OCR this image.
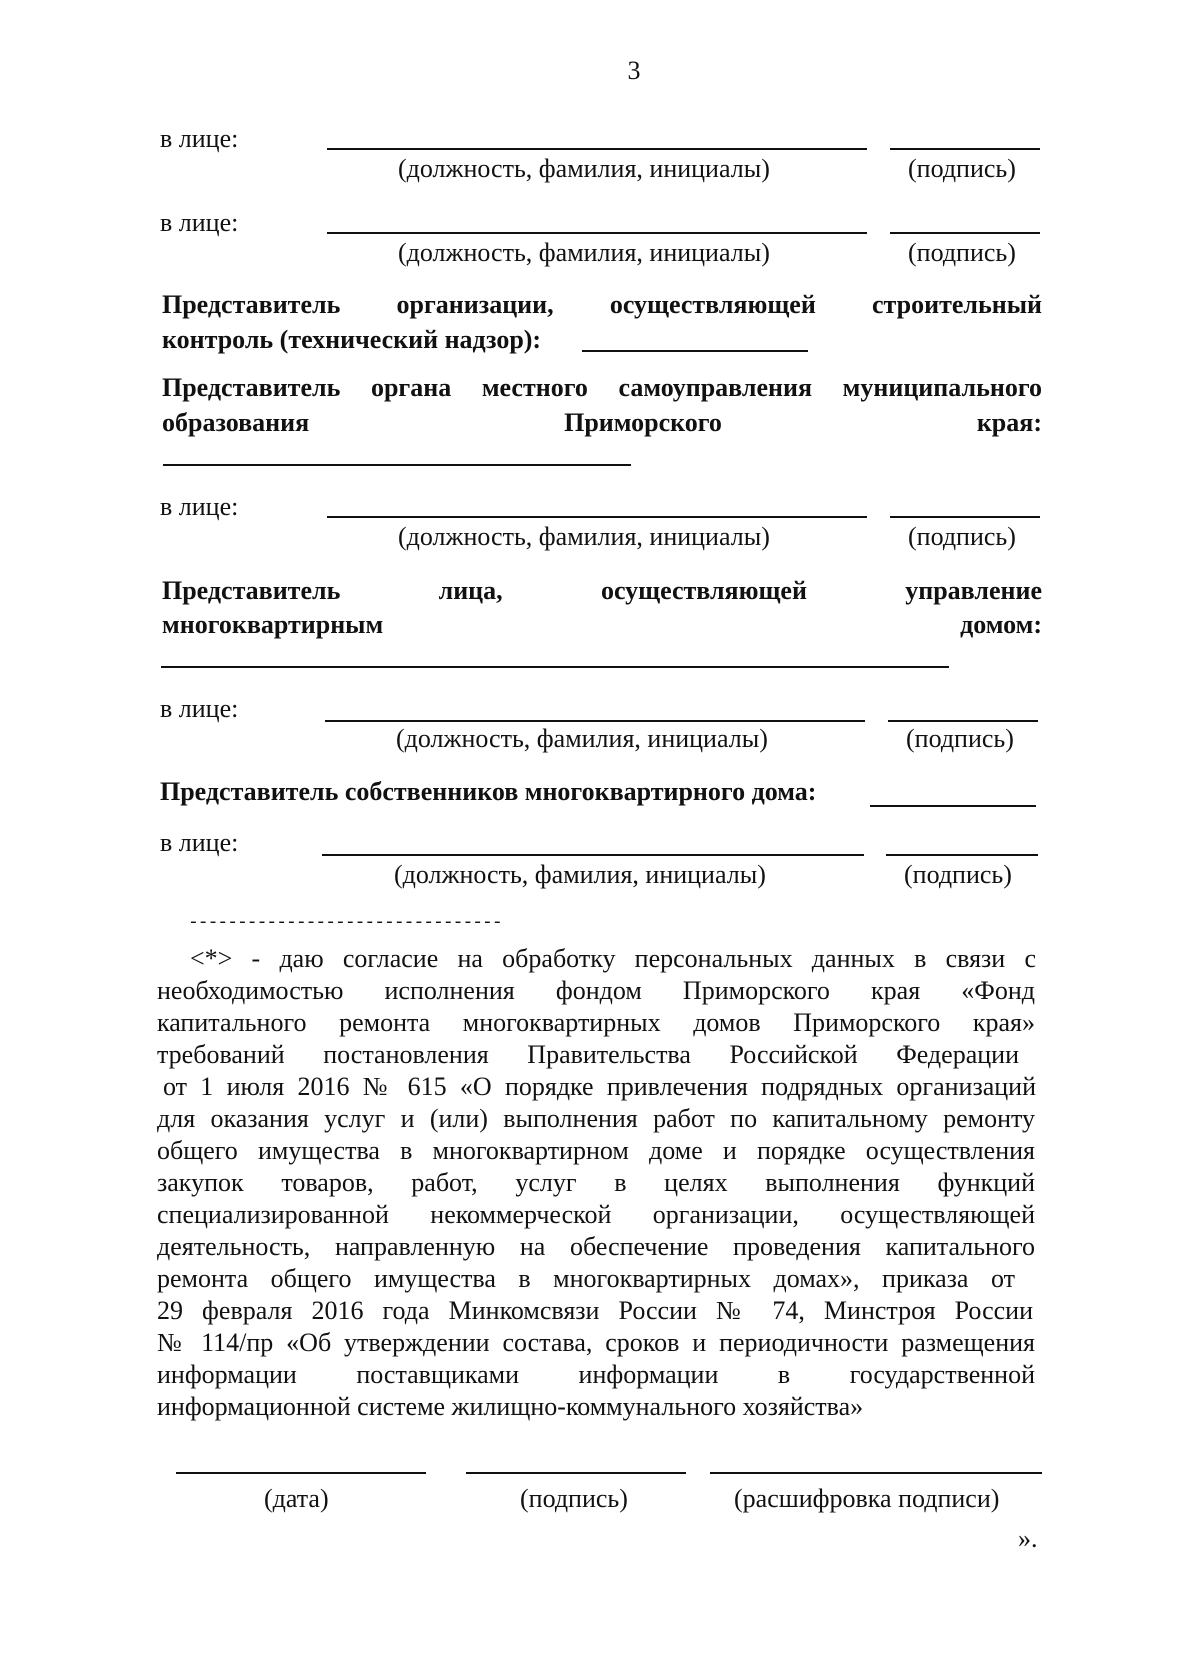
3
в лице:
(должность, фамилия, инициалы)	(подпись)
в лице:
(должность, фамилия, инициалы)	(подпись)
Представитель организации, осуществляющей строительный
контроль (технический надзор):
Представитель органа местного самоуправления муниципального
образования	Приморского	края:
в лице:
(должность, фамилия, инициалы)	(подпись)
Представитель	лица,	осуществляющей	управление
многоквартирным	домом:
в лице:
(должность, фамилия, инициалы)	(подпись)
Представитель собственников многоквартирного дома:
в лице:
(должность, фамилия, инициалы)	(подпись)
--------------------------------
<*> - даю согласие на обработку персональных данных в связи с
необходимостью исполнения фондом Приморского края «Фонд
капитального ремонта многоквартирных домов Приморского края»
требований постановления Правительства Российской Федерации
от 1 июля 2016 № 615 «О порядке привлечения подрядных организаций
для оказания услуг и (или) выполнения работ по капитальному ремонту
общего имущества в многоквартирном доме и порядке осуществления
закупок товаров, работ, услуг в целях выполнения функций
специализированной некоммерческой организации, осуществляющей
деятельность, направленную на обеспечение проведения капитального
ремонта общего имущества в многоквартирных домах», приказа от
29 февраля 2016 года Минкомсвязи России № 74, Минстроя России
№ 114/пр «Об утверждении состава, сроков и периодичности размещения
информации поставщиками информации в государственной
информационной системе жилищно-коммунального хозяйства»
(дата)	(подпись)	(расшифровка подписи)
».
